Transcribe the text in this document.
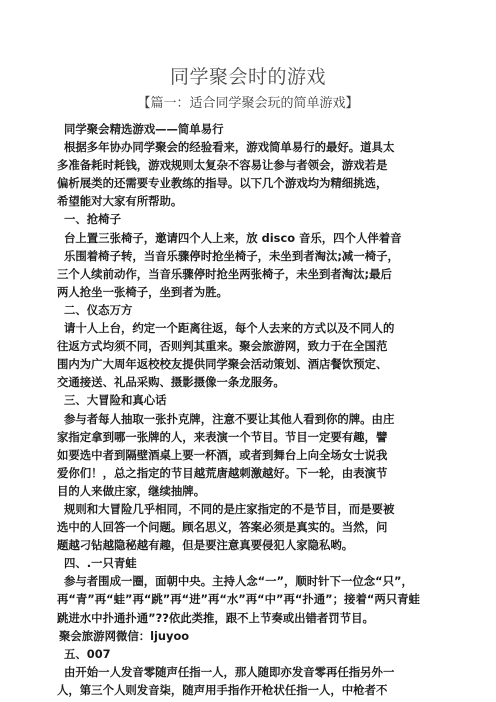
同学聚会时的游戏
【篇一：适合同学聚会玩的简单游戏】

同学聚会精选游戏——简单易行

根据多年协办同学聚会的经验看来，游戏简单易行的最好。道具太

多准备耗时耗钱，游戏规则太复杂不容易让参与者领会，游戏若是

偏析展类的还需要专业教练的指导。以下几个游戏均为精细挑选，

希望能对大家有所帮助。

一、抢椅子

台上置三张椅子，邀请四个人上来，放 disco 音乐，四个人伴着音

乐围着椅子转，当音乐骤停时抢坐椅子，未坐到者淘汰;减一椅子，

三个人续前动作，当音乐骤停时抢坐两张椅子，未坐到者淘汰;最后

两人抢坐一张椅子，坐到者为胜。

二、仪态万方

请十人上台，约定一个距离往返，每个人去来的方式以及不同人的

往返方式均须不同，否则判其重来。聚会旅游网，致力于在全国范

围内为广大周年返校校友提供同学聚会活动策划、酒店餐饮预定、

交通接送、礼品采购、摄影摄像一条龙服务。

三、大冒险和真心话

参与者每人抽取一张扑克牌，注意不要让其他人看到你的牌。由庄

家指定拿到哪一张牌的人，来表演一个节目。节目一定要有趣，譬

如要选中者到隔壁酒桌上要一杯酒，或者到舞台上向全场女士说我

爱你们！，总之指定的节目越荒唐越刺激越好。下一轮，由表演节

目的人来做庄家，继续抽牌。

规则和大冒险几乎相同，不同的是庄家指定的不是节目，而是要被

选中的人回答一个问题。顾名思义，答案必须是真实的。当然，问

题越刁钻越隐秘越有趣，但是要注意真要侵犯人家隐私哟。

四、.一只青蛙

参与者围成一圈，面朝中央。主持人念“一”，顺时针下一位念“只”，

再“青”再“蛙”再“跳”再“进”再“水”再“中”再“扑通”；接着“两只青蛙

跳进水中扑通扑通”??依此类推，跟不上节奏或出错者罚节目。

聚会旅游网微信：ljuyoo

五、007

由开始一人发音零随声任指一人，那人随即亦发音零再任指另外一

人，第三个人则发音柒，随声用手指作开枪状任指一人，中枪者不
